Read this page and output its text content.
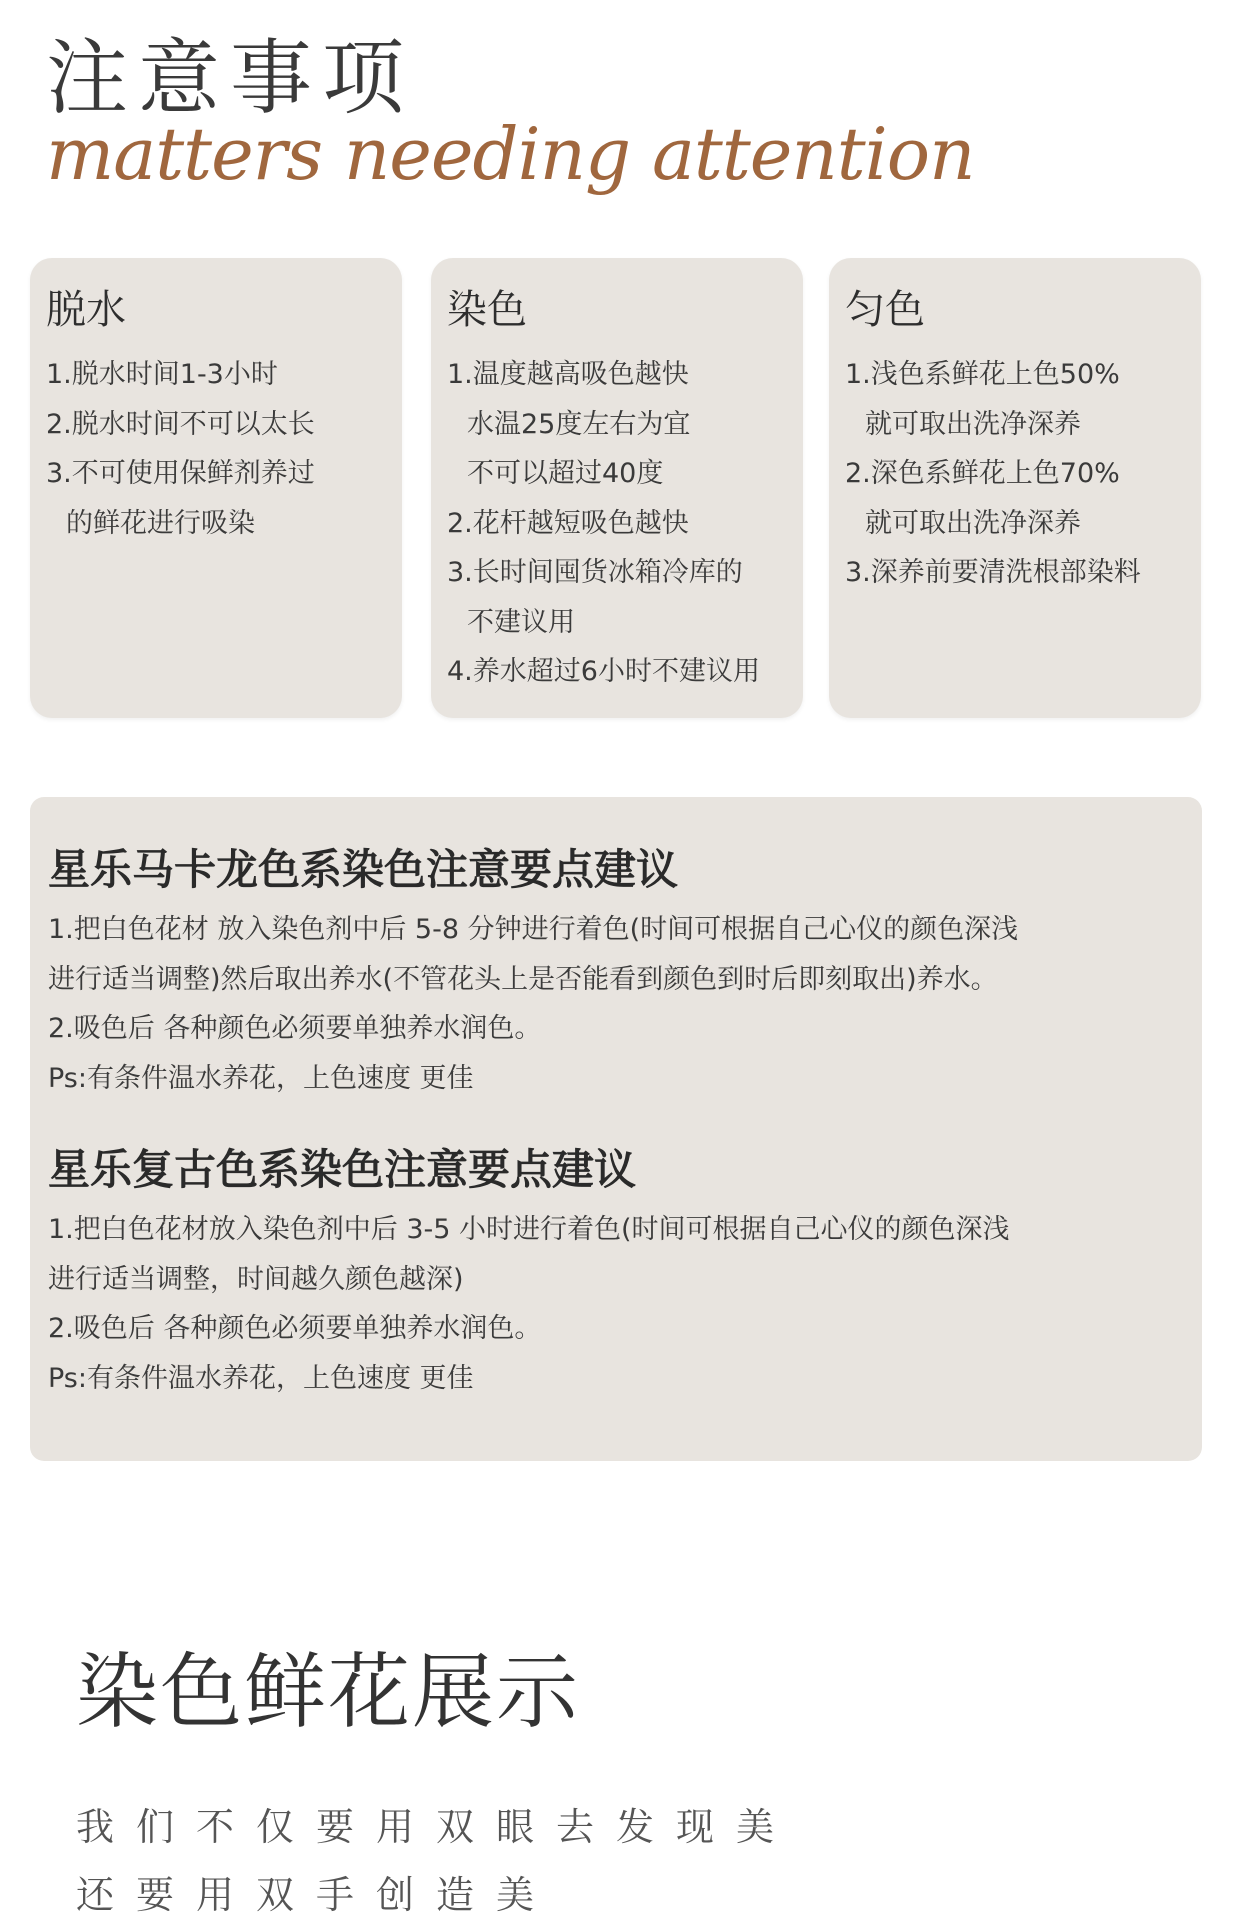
注意事项
matters needing attention
脱水
1.脱水时间1-3小时
2.脱水时间不可以太长
3.不可使用保鲜剂养过
的鲜花进行吸染
染色
1.温度越高吸色越快
水温25度左右为宜
不可以超过40度
2.花杆越短吸色越快
3.长时间囤货冰箱冷库的
不建议用
4.养水超过6小时不建议用
匀色
1.浅色系鲜花上色50%
就可取出洗净深养
2.深色系鲜花上色70%
就可取出洗净深养
3.深养前要清洗根部染料
星乐马卡龙色系染色注意要点建议
1.把白色花材 放入染色剂中后 5-8 分钟进行着色(时间可根据自己心仪的颜色深浅
进行适当调整)然后取出养水(不管花头上是否能看到颜色到时后即刻取出)养水。
2.吸色后 各种颜色必须要单独养水润色。
Ps:有条件温水养花，上色速度 更佳
星乐复古色系染色注意要点建议
1.把白色花材放入染色剂中后 3-5 小时进行着色(时间可根据自己心仪的颜色深浅
进行适当调整，时间越久颜色越深)
2.吸色后 各种颜色必须要单独养水润色。
Ps:有条件温水养花，上色速度 更佳
染色鲜花展示
我们不仅要用双眼去发现美
还要用双手创造美
